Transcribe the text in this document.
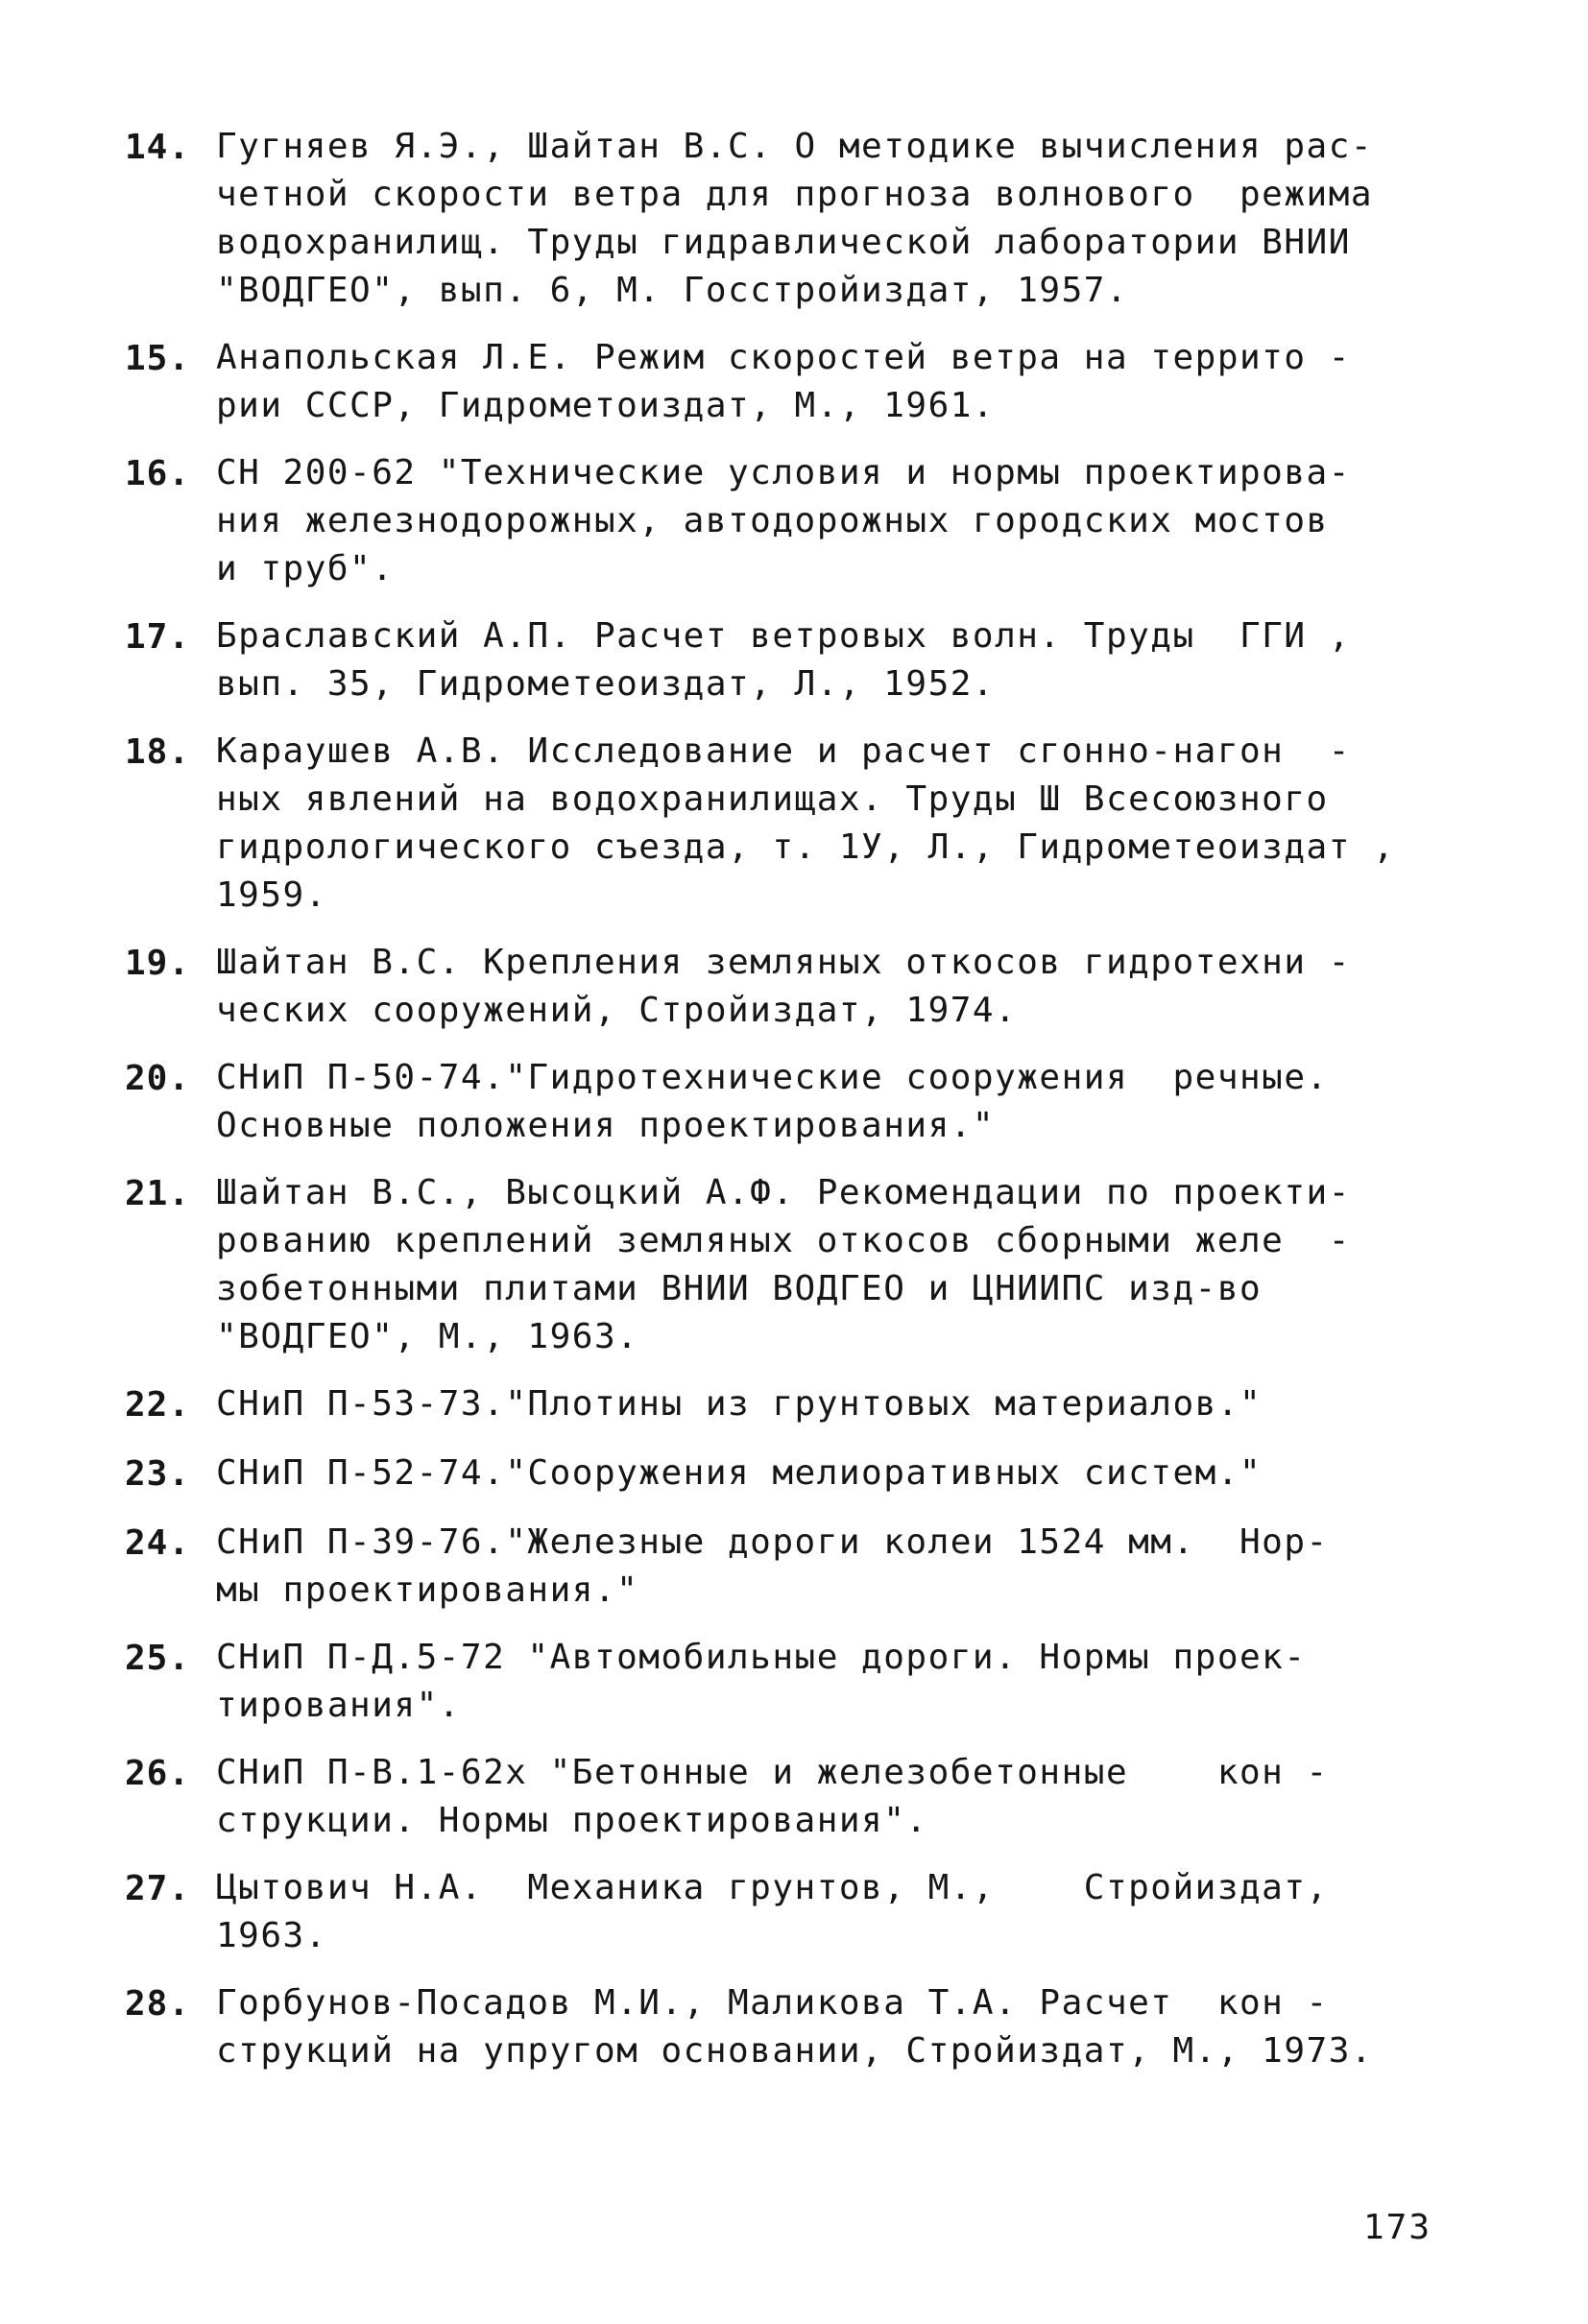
14. Гугняев Я.Э., Шайтан В.С. О методике вычисления рас-
четной скорости ветра для прогноза волнового  режима
водохранилищ. Труды гидравлической лаборатории ВНИИ
"ВОДГЕО", вып. 6, М. Госстройиздат, 1957.
15. Анапольская Л.Е. Режим скоростей ветра на террито -
рии СССР, Гидрометоиздат, М., 1961.
16. СН 200-62 "Технические условия и нормы проектирова-
ния железнодорожных, автодорожных городских мостов
и труб".
17. Браславский А.П. Расчет ветровых волн. Труды  ГГИ ,
вып. 35, Гидрометеоиздат, Л., 1952.
18. Караушев А.В. Исследование и расчет сгонно-нагон  -
ных явлений на водохранилищах. Труды Ш Всесоюзного
гидрологического съезда, т. 1У, Л., Гидрометеоиздат ,
1959.
19. Шайтан В.С. Крепления земляных откосов гидротехни -
ческих сооружений, Стройиздат, 1974.
20. СНиП П-50-74."Гидротехнические сооружения  речные.
Основные положения проектирования."
21. Шайтан В.С., Высоцкий А.Ф. Рекомендации по проекти-
рованию креплений земляных откосов сборными желе  -
зобетонными плитами ВНИИ ВОДГЕО и ЦНИИПС изд-во
"ВОДГЕО", М., 1963.
22. СНиП П-53-73."Плотины из грунтовых материалов."
23. СНиП П-52-74."Сооружения мелиоративных систем."
24. СНиП П-39-76."Железные дороги колеи 1524 мм.  Нор-
мы проектирования."
25. СНиП П-Д.5-72 "Автомобильные дороги. Нормы проек-
тирования".
26. СНиП П-В.1-62х "Бетонные и железобетонные    кон -
струкции. Нормы проектирования".
27. Цытович Н.А.  Механика грунтов, М.,    Стройиздат,
1963.
28. Горбунов-Посадов М.И., Маликова Т.А. Расчет  кон -
струкций на упругом основании, Стройиздат, М., 1973.
173
